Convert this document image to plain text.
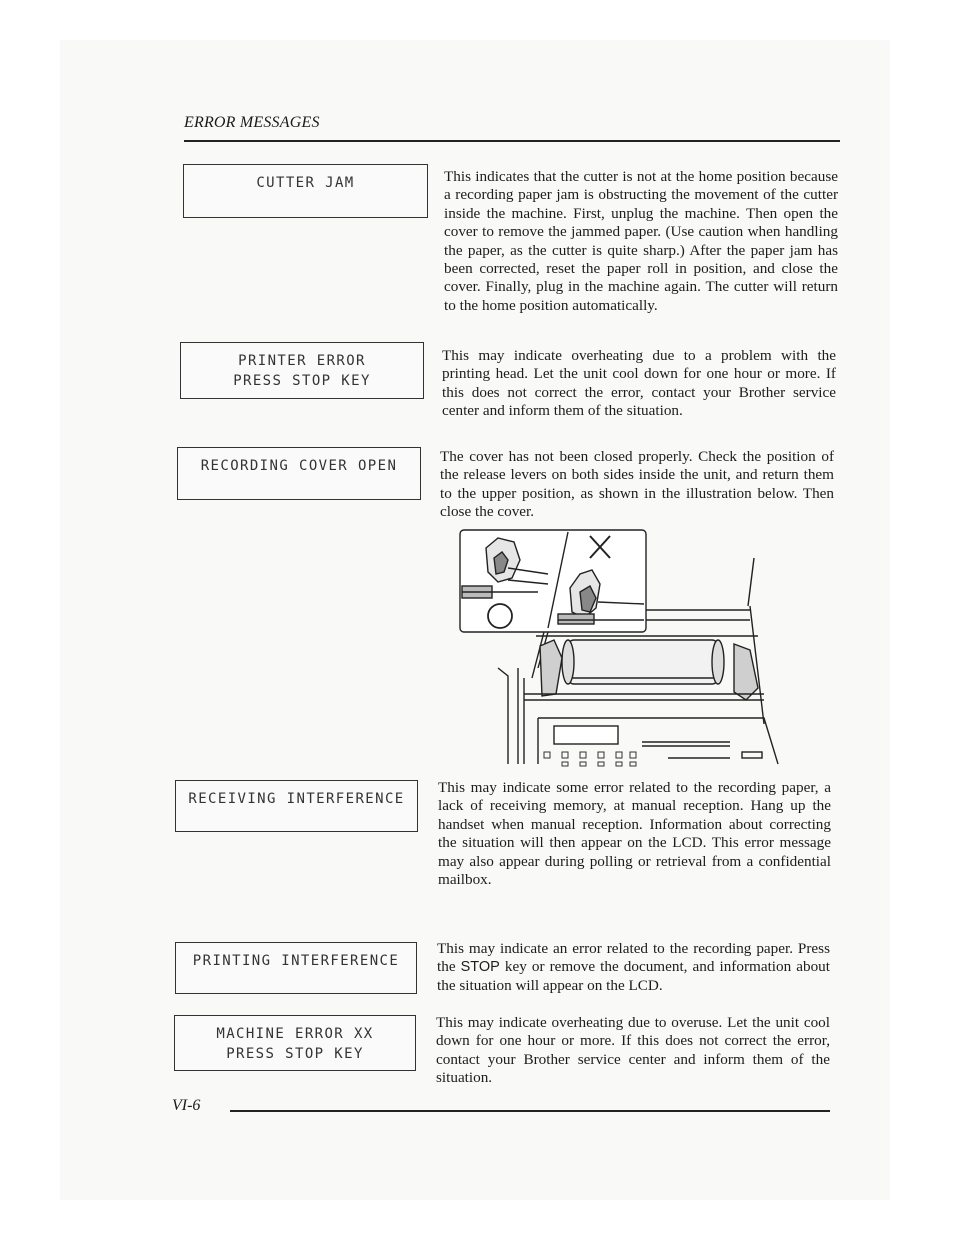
ERROR MESSAGES
CUTTER JAM	This indicates that the cutter is not at the home position because a recording paper jam is obstructing the movement of the cutter inside the machine. First, unplug the machine. Then open the cover to remove the jammed paper. (Use caution when handling the paper, as the cutter is quite sharp.) After the paper jam has been corrected, reset the paper roll in position, and close the cover. Finally, plug in the machine again. The cutter will return to the home position automatically.
PRINTER ERROR
PRESS STOP KEY
This may indicate overheating due to a problem with the printing head. Let the unit cool down for one hour or more. If this does not correct the error, contact your Brother service center and inform them of the situation.
RECORDING COVER OPEN
The cover has not been closed properly. Check the position of the release levers on both sides inside the unit, and return them to the upper position, as shown in the illustration below. Then close the cover.
RECEIVING INTERFERENCE
This may indicate some error related to the recording paper, a lack of receiving memory, at manual reception. Hang up the handset when manual reception. Information about correcting the situation will then appear on the LCD. This error message may also appear during polling or retrieval from a confidential mailbox.
PRINTING INTERFERENCE
This may indicate an error related to the recording paper. Press the STOP key or remove the document, and information about the situation will appear on the LCD.
MACHINE ERROR XX
PRESS STOP KEY
This may indicate overheating due to overuse. Let the unit cool down for one hour or more. If this does not correct the error, contact your Brother service center and inform them of the situation.
VI-6
